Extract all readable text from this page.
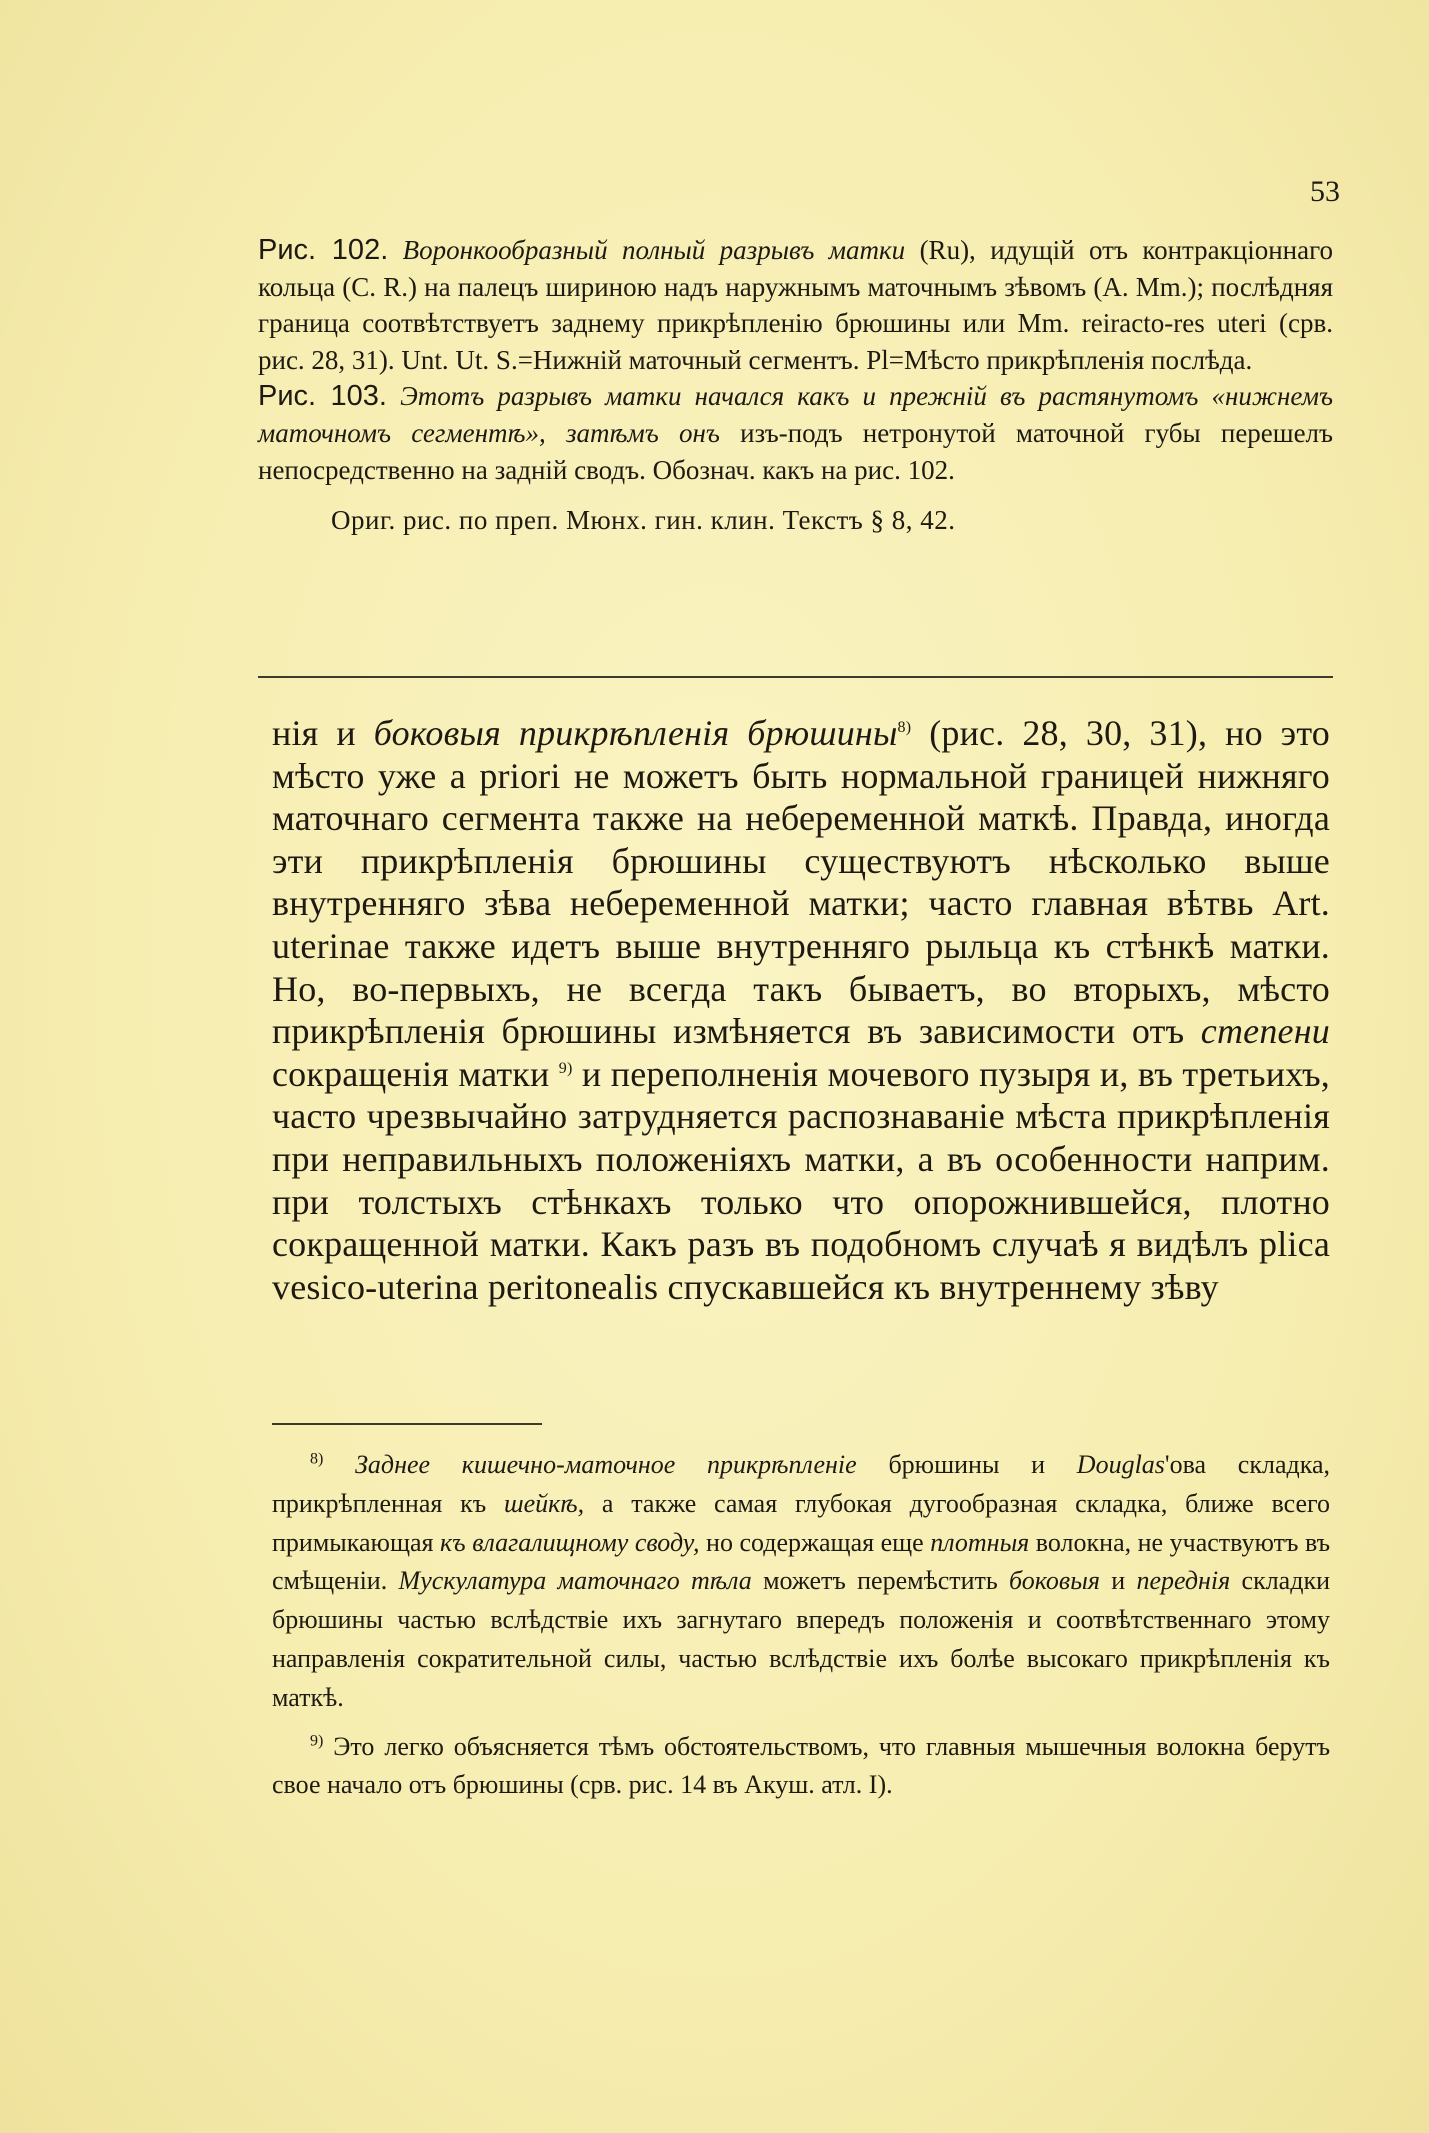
53

Рис. 102. Воронкообразный полный разрывъ матки (Ru), идущій отъ контракціоннаго кольца (С. R.) на палецъ шириною надъ наружнымъ маточнымъ зѣвомъ (А. Mm.); послѣдняя граница соотвѣтствуетъ заднему прикрѣпленію брюшины или Mm. reiracto-res uteri (срв. рис. 28, 31). Unt. Ut. S.=Нижній маточный сегментъ. Pl=Мѣсто прикрѣпленія послѣда.

Рис. 103. Этотъ разрывъ матки начался какъ и прежній въ растянутомъ «нижнемъ маточномъ сегментѣ», затѣмъ онъ изъ-подъ нетронутой маточной губы перешелъ непосредственно на заднiй сводъ. Обознач. какъ на рис. 102.

Ориг. рис. по преп. Мюнх. гин. клин. Текстъ § 8, 42.

нія и боковыя прикрѣпленія брюшины$^{8)}$ (рис. 28, 30, 31), но это мѣсто уже а priori не можетъ быть нормальной границей нижняго маточнаго сегмента также на неберeменной маткѣ. Правда, иногда эти прикрѣпленія брюшины существуютъ нѣсколько выше внутренняго зѣва небеременной матки; часто главная вѣтвь Art. uterinae также идетъ выше внутренняго рыльца къ стѣнкѣ матки. Но, во-первыхъ, не всегда такъ бываетъ, во вторыхъ, мѣсто прикрѣпленія брюшины измѣняется въ зависимости отъ степени сокращенія матки $^{9)}$ и переполненія мочевого пузыря и, въ третьихъ, часто чрезвычайно затрудняется распознаваніе мѣста прикрѣпленія при неправильныхъ положеніяхъ матки, а въ особенности наприм. при толстыхъ стѣнкахъ только что опорожнившейся, плотно сокращенной матки. Какъ разъ въ подобномъ случаѣ я видѣлъ plica vesico-uterina peritonealis спускавшейся къ внутреннему зѣву

$^{8)}$ Заднее кишечно-маточное прикрѣпленіе брюшины и Douglas'ова складка, прикрѣпленная къ шейкѣ, а также самая глубокая дугообразная складка, ближе всего примыкающая къ влагалищному своду, но содержащая еще плотныя волокна, не участвуютъ въ смѣщеніи. Мускулатура маточнаго тѣла можетъ перемѣстить боковыя и переднія складки брюшины частью вслѣдствіе ихъ загнутаго впередъ положенія и соотвѣтственнаго этому направленія сократительной силы, частью вслѣдствіе ихъ болѣе высокаго прикрѣпленія къ маткѣ.

$^{9)}$ Это легко объясняется тѣмъ обстоятельствомъ, что главныя мышечныя волокна берутъ свое начало отъ брюшины (срв. рис. 14 въ Акуш. атл. I).
